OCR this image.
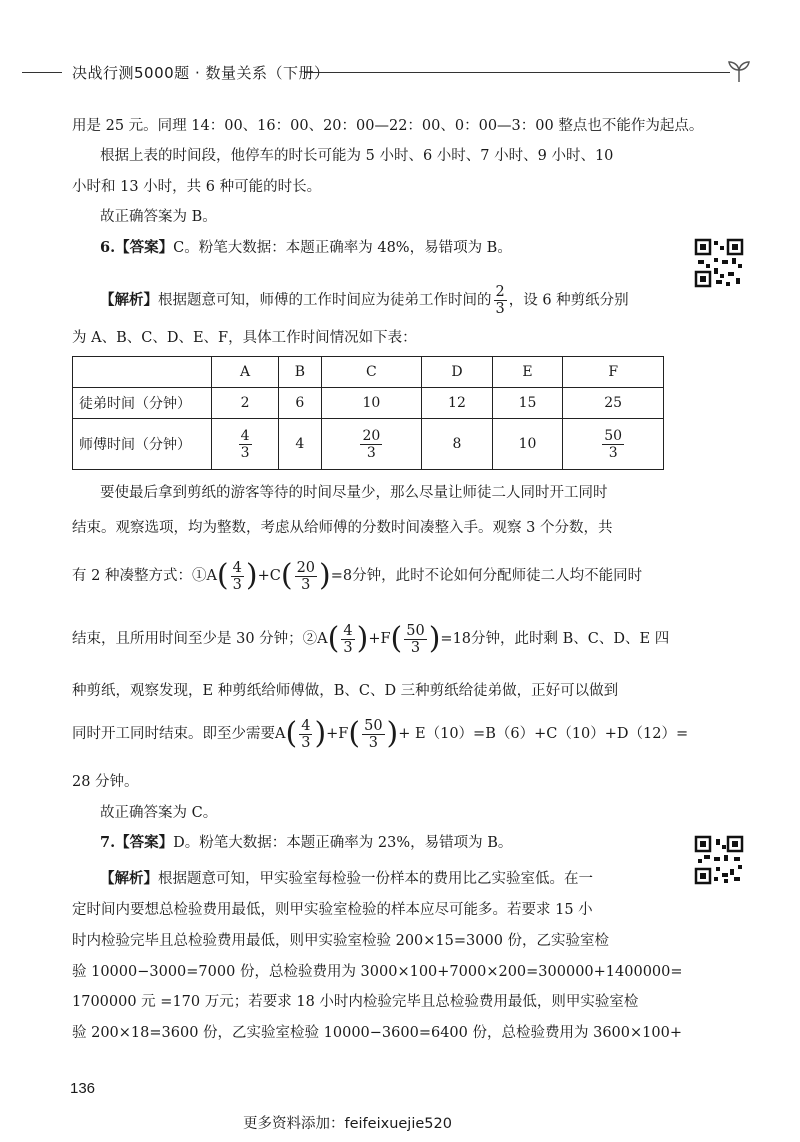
决战行测5000题 · 数量关系（下册）
用是 25 元。同理 14：00、16：00、20：00—22：00、0：00—3：00 整点也不能作为起点。
根据上表的时间段，他停车的时长可能为 5 小时、6 小时、7 小时、9 小时、10
小时和 13 小时，共 6 种可能的时长。
故正确答案为 B。
6.【答案】C。粉笔大数据：本题正确率为 48%，易错项为 B。
【解析】根据题意可知，师傅的工作时间应为徒弟工作时间的 $\frac{2}{3}$ ，设 6 种剪纸分别
为 A、B、C、D、E、F，具体工作时间情况如下表：
	A	B	C	D	E	F
徒弟时间（分钟）	2	6	10	12	15	25
师傅时间（分钟）	$\frac{4}{3}$	4	$\frac{20}{3}$	8	10	$\frac{50}{3}$
要使最后拿到剪纸的游客等待的时间尽量少，那么尽量让师徒二人同时开工同时
结束。观察选项，均为整数，考虑从给师傅的分数时间凑整入手。观察 3 个分数，共
有 2 种凑整方式：①A( $\frac{4}{3} )+C( \frac{20}{3} )=8$分钟，此时不论如何分配师徒二人均不能同时
结束，且所用时间至少是 30 分钟；②A( $\frac{4}{3} )+F( \frac{50}{3} )=18$分钟，此时剩 B、C、D、E 四
种剪纸，观察发现，E 种剪纸给师傅做，B、C、D 三种剪纸给徒弟做，正好可以做到
同时开工同时结束。即至少需要$A( \frac{4}{3} )+F( \frac{50}{3}$ )+ E（10）=B（6）+C（10）+D（12）=
28 分钟。
故正确答案为 C。
7.【答案】D。粉笔大数据：本题正确率为 23%，易错项为 B。
【解析】根据题意可知，甲实验室每检验一份样本的费用比乙实验室低。在一
定时间内要想总检验费用最低，则甲实验室检验的样本应尽可能多。若要求 15 小
时内检验完毕且总检验费用最低，则甲实验室检验 200×15=3000 份，乙实验室检
验 10000−3000=7000 份，总检验费用为 3000×100+7000×200=300000+1400000=
1700000 元 =170 万元；若要求 18 小时内检验完毕且总检验费用最低，则甲实验室检
验 200×18=3600 份，乙实验室检验 10000−3600=6400 份，总检验费用为 3600×100+
136
更多资料添加：feifeixuejie520
